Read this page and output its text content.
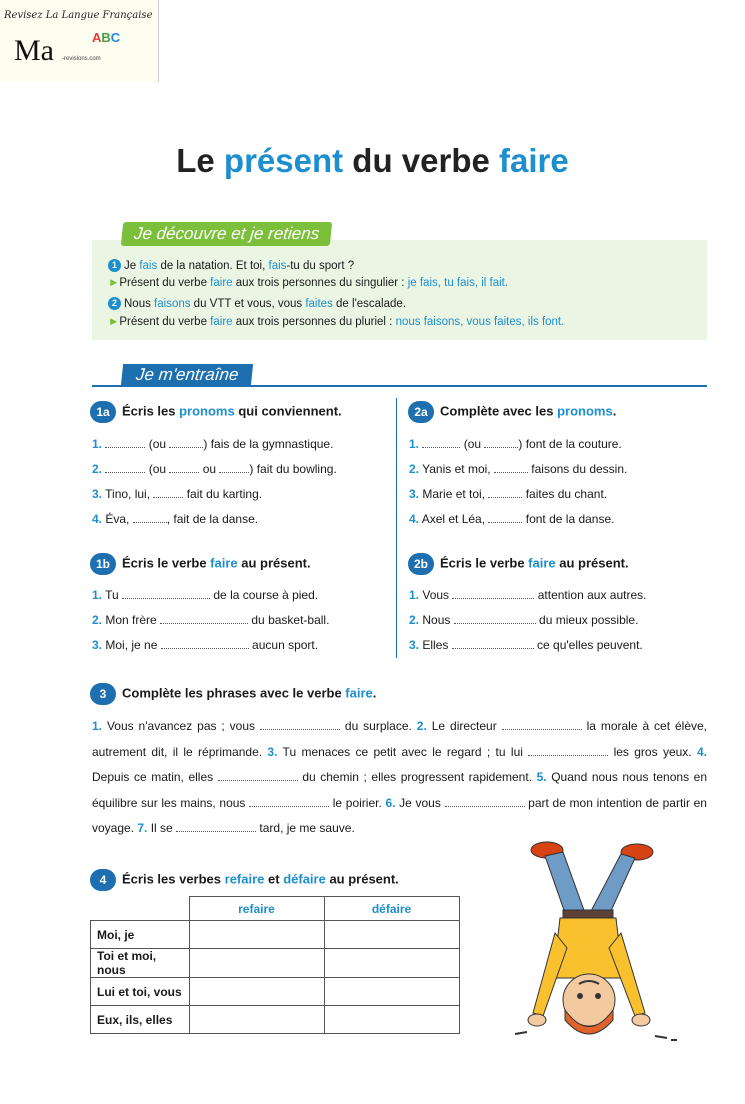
Revisez La Langue Française
ABC
Ma -revisions.com
Le présent du verbe faire
Je découvre et je retiens
1 Je fais de la natation. Et toi, fais-tu du sport ?
►Présent du verbe faire aux trois personnes du singulier : je fais, tu fais, il fait.
2 Nous faisons du VTT et vous, vous faites de l'escalade.
►Présent du verbe faire aux trois personnes du pluriel : nous faisons, vous faites, ils font.
Je m'entraîne
1a Écris les pronoms qui conviennent.
1.	(ou	) fais de la gymnastique.
2.	(ou	ou	) fait du bowling.
3. Tino, lui,	fait du karting.
4. Éva,	, fait de la danse.
2a Complète avec les pronoms.
1.	(ou	) font de la couture.
2. Yanis et moi,	faisons du dessin.
3. Marie et toi,	faites du chant.
4. Axel et Léa,	font de la danse.
1b Écris le verbe faire au présent.
1. Tu	de la course à pied.
2. Mon frère	du basket-ball.
3. Moi, je ne	aucun sport.
2b Écris le verbe faire au présent.
1. Vous	attention aux autres.
2. Nous	du mieux possible.
3. Elles	ce qu'elles peuvent.
3 Complète les phrases avec le verbe faire.
1. Vous n'avancez pas ; vous	du surplace. 2. Le directeur	la morale à cet élève, autrement dit, il le réprimande. 3. Tu menaces ce petit avec le regard ; tu lui	les gros yeux. 4. Depuis ce matin, elles	du chemin ; elles progressent rapidement. 5. Quand nous nous tenons en équilibre sur les mains, nous	le poirier. 6. Je vous	part de mon intention de partir en voyage. 7. Il se	tard, je me sauve.
4 Écris les verbes refaire et défaire au présent.
	refaire	défaire
Moi, je		
Toi et moi, nous		
Lui et toi, vous		
Eux, ils, elles		
